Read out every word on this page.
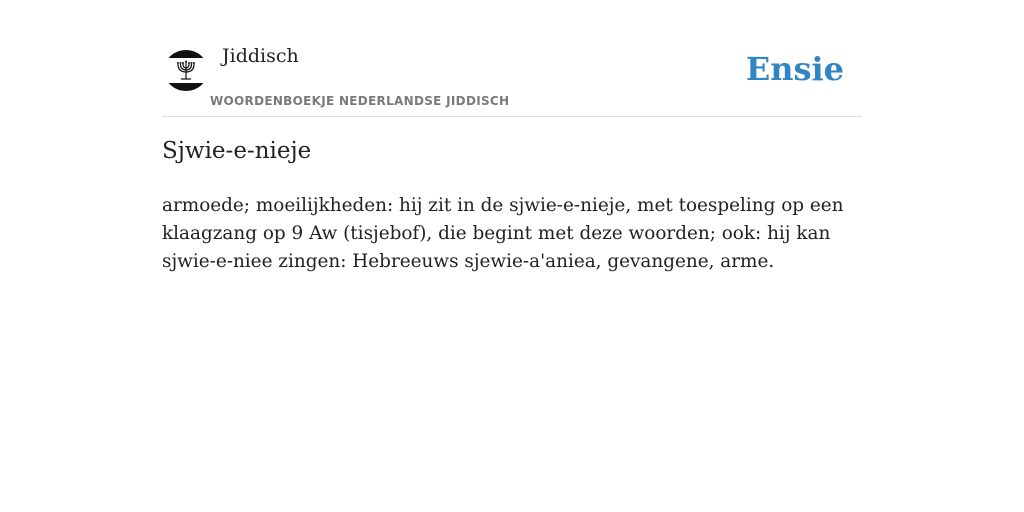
Jiddisch
WOORDENBOEKJE NEDERLANDSE JIDDISCH
Ensie
Sjwie-e-nieje

armoede; moeilijkheden: hij zit in de sjwie-e-nieje, met toespeling op een klaagzang op 9 Aw (tisjebof), die begint met deze woorden; ook: hij kan sjwie-e-niee zingen: Hebreeuws sjewie-a'aniea, gevangene, arme.
